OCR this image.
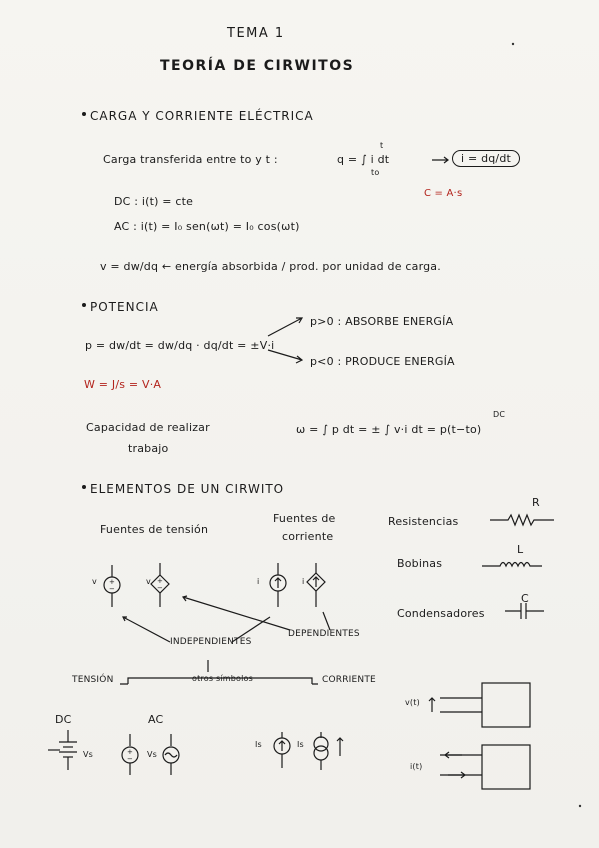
TEMA 1
TEORÍA DE CIRWITOS
CARGA Y CORRIENTE ELÉCTRICA
Carga transferida entre to y t :	q = ∫ i dt
t
to
i = dq/dt
C = A·s
DC : i(t) = cte
AC : i(t) = I₀ sen(ωt) = I₀ cos(ωt)
v = dw/dq ← energía absorbida / prod. por unidad de carga.
POTENCIA
p = dw/dt = dw/dq · dq/dt = ±V·i
p>0 : ABSORBE ENERGÍA
p<0 : PRODUCE ENERGÍA
W = J/s = V·A
Capacidad de realizar
trabajo
ω = ∫ p dt = ± ∫ v·i dt = p(t−to)
DC
ELEMENTOS DE UN CIRWITO
Fuentes de tensión
Fuentes de
corriente
Resistencias
R
Bobinas
L
Condensadores
C
INDEPENDIENTES
DEPENDIENTES
TENSIÓN	otros símbolos	CORRIENTE
DC	AC
Vs	Vs
Is	Is
v	v	i	i
v(t)
i(t)
+
−
+
−
+
−
